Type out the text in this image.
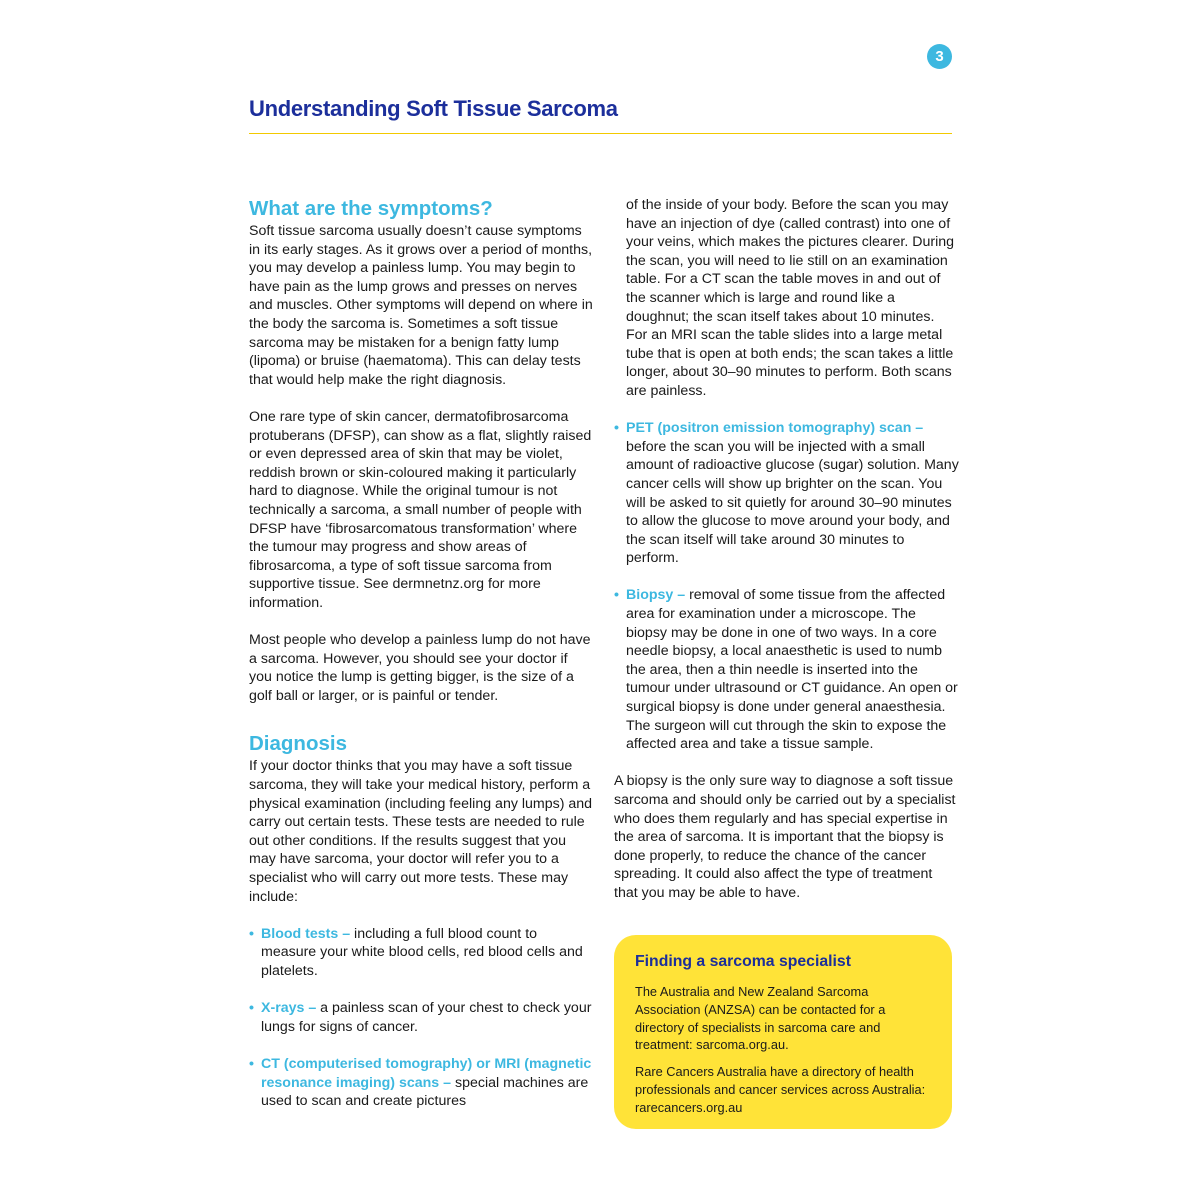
3
Understanding Soft Tissue Sarcoma
What are the symptoms?

Soft tissue sarcoma usually doesn’t cause symptoms in its early stages. As it grows over a period of months, you may develop a painless lump. You may begin to have pain as the lump grows and presses on nerves and muscles. Other symptoms will depend on where in the body the sarcoma is. Sometimes a soft tissue sarcoma may be mistaken for a benign fatty lump (lipoma) or bruise (haematoma). This can delay tests that would help make the right diagnosis.

One rare type of skin cancer, dermatofibrosarcoma protuberans (DFSP), can show as a flat, slightly raised or even depressed area of skin that may be violet, reddish brown or skin-coloured making it particularly hard to diagnose. While the original tumour is not technically a sarcoma, a small number of people with DFSP have ‘fibrosarcomatous transformation’ where the tumour may progress and show areas of fibrosarcoma, a type of soft tissue sarcoma from supportive tissue. See dermnetnz.org for more information.

Most people who develop a painless lump do not have a sarcoma. However, you should see your doctor if you notice the lump is getting bigger, is the size of a golf ball or larger, or is painful or tender.

Diagnosis

If your doctor thinks that you may have a soft tissue sarcoma, they will take your medical history, perform a physical examination (including feeling any lumps) and carry out certain tests. These tests are needed to rule out other conditions. If the results suggest that you may have sarcoma, your doctor will refer you to a specialist who will carry out more tests. These may include:

• Blood tests – including a full blood count to measure your white blood cells, red blood cells and platelets.
• X-rays – a painless scan of your chest to check your lungs for signs of cancer.
• CT (computerised tomography) or MRI (magnetic resonance imaging) scans – special machines are used to scan and create pictures

of the inside of your body. Before the scan you may have an injection of dye (called contrast) into one of your veins, which makes the pictures clearer. During the scan, you will need to lie still on an examination table. For a CT scan the table moves in and out of the scanner which is large and round like a doughnut; the scan itself takes about 10 minutes. For an MRI scan the table slides into a large metal tube that is open at both ends; the scan takes a little longer, about 30–90 minutes to perform. Both scans are painless.

• PET (positron emission tomography) scan – before the scan you will be injected with a small amount of radioactive glucose (sugar) solution. Many cancer cells will show up brighter on the scan. You will be asked to sit quietly for around 30–90 minutes to allow the glucose to move around your body, and the scan itself will take around 30 minutes to perform.
• Biopsy – removal of some tissue from the affected area for examination under a microscope. The biopsy may be done in one of two ways. In a core needle biopsy, a local anaesthetic is used to numb the area, then a thin needle is inserted into the tumour under ultrasound or CT guidance. An open or surgical biopsy is done under general anaesthesia. The surgeon will cut through the skin to expose the affected area and take a tissue sample.

A biopsy is the only sure way to diagnose a soft tissue sarcoma and should only be carried out by a specialist who does them regularly and has special expertise in the area of sarcoma. It is important that the biopsy is done properly, to reduce the chance of the cancer spreading. It could also affect the type of treatment that you may be able to have.

Finding a sarcoma specialist

The Australia and New Zealand Sarcoma Association (ANZSA) can be contacted for a directory of specialists in sarcoma care and treatment: sarcoma.org.au.

Rare Cancers Australia have a directory of health professionals and cancer services across Australia: rarecancers.org.au
